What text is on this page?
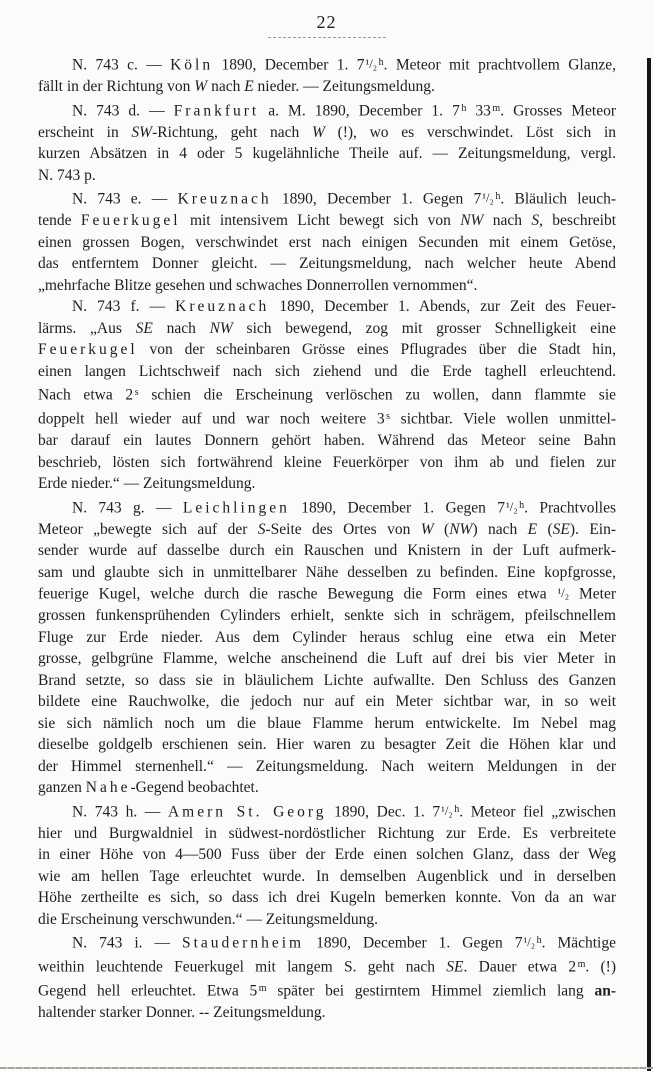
22
N. 743 c. — Köln 1890, December 1. 7¹/₂ $^h$. Meteor mit prachtvollem Glanze,
fällt in der Richtung von W nach E nieder. — Zeitungsmeldung.
N. 743 d. — Frankfurt a. M. 1890, December 1. 7 $^h$ 33 $^m$. Grosses Meteor
erscheint in SW-Richtung, geht nach W (!), wo es verschwindet. Löst sich in
kurzen Absätzen in 4 oder 5 kugelähnliche Theile auf. — Zeitungsmeldung, vergl.
N. 743 p.
N. 743 e. — Kreuznach 1890, December 1. Gegen 7¹/₂ $^h$. Bläulich leuch-
tende Feuerkugel mit intensivem Licht bewegt sich von NW nach S, beschreibt
einen grossen Bogen, verschwindet erst nach einigen Secunden mit einem Getöse,
das entferntem Donner gleicht. — Zeitungsmeldung, nach welcher heute Abend
„mehrfache Blitze gesehen und schwaches Donnerrollen vernommen“.
N. 743 f. — Kreuznach 1890, December 1. Abends, zur Zeit des Feuer-
lärms. „Aus SE nach NW sich bewegend, zog mit grosser Schnelligkeit eine
Feuerkugel von der scheinbaren Grösse eines Pflugrades über die Stadt hin,
einen langen Lichtschweif nach sich ziehend und die Erde taghell erleuchtend.
Nach etwa 2 $^s$ schien die Erscheinung verlöschen zu wollen, dann flammte sie
doppelt hell wieder auf und war noch weitere 3 $^s$ sichtbar. Viele wollen unmittel-
bar darauf ein lautes Donnern gehört haben. Während das Meteor seine Bahn
beschrieb, lösten sich fortwährend kleine Feuerkörper von ihm ab und fielen zur
Erde nieder.“ — Zeitungsmeldung.
N. 743 g. — Leichlingen 1890, December 1. Gegen 7¹/₂ $^h$. Prachtvolles
Meteor „bewegte sich auf der S-Seite des Ortes von W (NW) nach E (SE). Ein-
sender wurde auf dasselbe durch ein Rauschen und Knistern in der Luft aufmerk-
sam und glaubte sich in unmittelbarer Nähe desselben zu befinden. Eine kopfgrosse,
feuerige Kugel, welche durch die rasche Bewegung die Form eines etwa ¹/₂ Meter
grossen funkensprühenden Cylinders erhielt, senkte sich in schrägem, pfeilschnellem
Fluge zur Erde nieder. Aus dem Cylinder heraus schlug eine etwa ein Meter
grosse, gelbgrüne Flamme, welche anscheinend die Luft auf drei bis vier Meter in
Brand setzte, so dass sie in bläulichem Lichte aufwallte. Den Schluss des Ganzen
bildete eine Rauchwolke, die jedoch nur auf ein Meter sichtbar war, in so weit
sie sich nämlich noch um die blaue Flamme herum entwickelte. Im Nebel mag
dieselbe goldgelb erschienen sein. Hier waren zu besagter Zeit die Höhen klar und
der Himmel sternenhell.“ — Zeitungsmeldung. Nach weitern Meldungen in der
ganzen Nahe-Gegend beobachtet.
N. 743 h. — Amern St. Georg 1890, Dec. 1. 7¹/₂ $^h$. Meteor fiel „zwischen
hier und Burgwaldniel in südwest-nordöstlicher Richtung zur Erde. Es verbreitete
in einer Höhe von 4—500 Fuss über der Erde einen solchen Glanz, dass der Weg
wie am hellen Tage erleuchtet wurde. In demselben Augenblick und in derselben
Höhe zertheilte es sich, so dass ich drei Kugeln bemerken konnte. Von da an war
die Erscheinung verschwunden.“ — Zeitungsmeldung.
N. 743 i. — Staudernheim 1890, December 1. Gegen 7¹/₂ $^h$. Mächtige
weithin leuchtende Feuerkugel mit langem S. geht nach SE. Dauer etwa 2 $^m$. (!)
Gegend hell erleuchtet. Etwa 5 $^m$ später bei gestirntem Himmel ziemlich lang an-
haltender starker Donner. -- Zeitungsmeldung.
